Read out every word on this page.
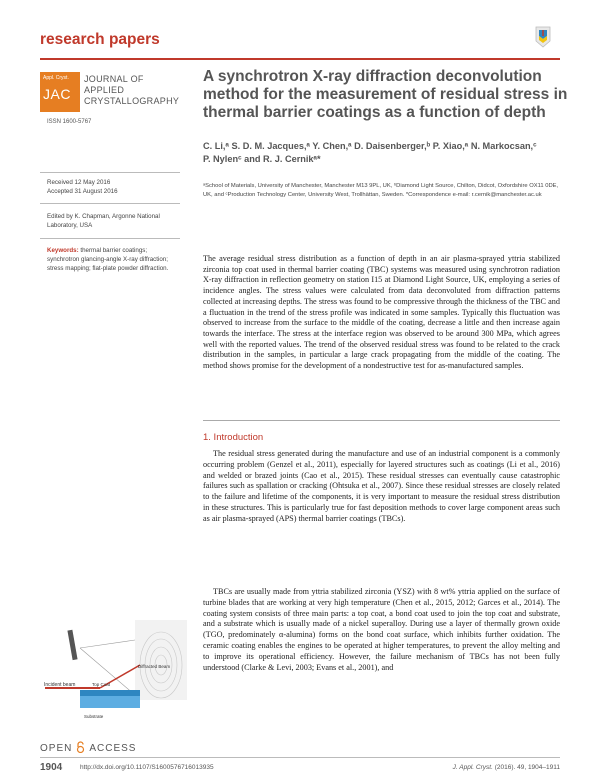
research papers
Appl. Cryst.
JAC
JOURNAL OF
APPLIED
CRYSTALLOGRAPHY
ISSN 1600-5767
A synchrotron X-ray diffraction deconvolution method for the measurement of residual stress in thermal barrier coatings as a function of depth
C. Li,ᵃ S. D. M. Jacques,ᵃ Y. Chen,ᵃ D. Daisenberger,ᵇ P. Xiao,ᵃ N. Markocsan,ᶜ
P. Nylenᶜ and R. J. Cernikᵃ*
ᵃSchool of Materials, University of Manchester, Manchester M13 9PL, UK, ᵇDiamond Light Source, Chilton, Didcot, Oxfordshire OX11 0DE, UK, and ᶜProduction Technology Center, University West, Trollhättan, Sweden. *Correspondence e-mail: r.cernik@manchester.ac.uk
Received 12 May 2016
Accepted 31 August 2016
Edited by K. Chapman, Argonne National Laboratory, USA
Keywords: thermal barrier coatings; synchrotron glancing-angle X-ray diffraction; stress mapping; flat-plate powder diffraction.
The average residual stress distribution as a function of depth in an air plasma-sprayed yttria stabilized zirconia top coat used in thermal barrier coating (TBC) systems was measured using synchrotron radiation X-ray diffraction in reflection geometry on station I15 at Diamond Light Source, UK, employing a series of incidence angles. The stress values were calculated from data deconvoluted from diffraction patterns collected at increasing depths. The stress was found to be compressive through the thickness of the TBC and a fluctuation in the trend of the stress profile was indicated in some samples. Typically this fluctuation was observed to increase from the surface to the middle of the coating, decrease a little and then increase again towards the interface. The stress at the interface region was observed to be around 300 MPa, which agrees well with the reported values. The trend of the observed residual stress was found to be related to the crack distribution in the samples, in particular a large crack propagating from the middle of the coating. The method shows promise for the development of a nondestructive test for as-manufactured samples.
1. Introduction
The residual stress generated during the manufacture and use of an industrial component is a commonly occurring problem (Genzel et al., 2011), especially for layered structures such as coatings (Li et al., 2016) and welded or brazed joints (Cao et al., 2015). These residual stresses can eventually cause catastrophic failures such as spallation or cracking (Ohtsuka et al., 2007). Since these residual stresses are closely related to the failure and lifetime of the components, it is very important to measure the residual stress distribution in these structures. This is particularly true for fast deposition methods to cover large component areas such as air plasma-sprayed (APS) thermal barrier coatings (TBCs).
TBCs are usually made from yttria stabilized zirconia (YSZ) with 8 wt% yttria applied on the surface of turbine blades that are working at very high temperature (Chen et al., 2015, 2012; Garces et al., 2014). The coating system consists of three main parts: a top coat, a bond coat used to join the top coat and substrate, and a substrate which is usually made of a nickel superalloy. During use a layer of thermally grown oxide (TGO, predominately α-alumina) forms on the bond coat surface, which inhibits further oxidation. The ceramic coating enables the engines to be operated at higher temperatures, to prevent the alloy melting and to improve its operational efficiency. However, the failure mechanism of TBCs has not been fully understood (Clarke & Levi, 2003; Evans et al., 2001), and
Incident beam	Top Coat
Substrate
Diffracted Beam
OPEN ACCESS
1904	http://dx.doi.org/10.1107/S1600576716013935	J. Appl. Cryst. (2016). 49, 1904–1911
